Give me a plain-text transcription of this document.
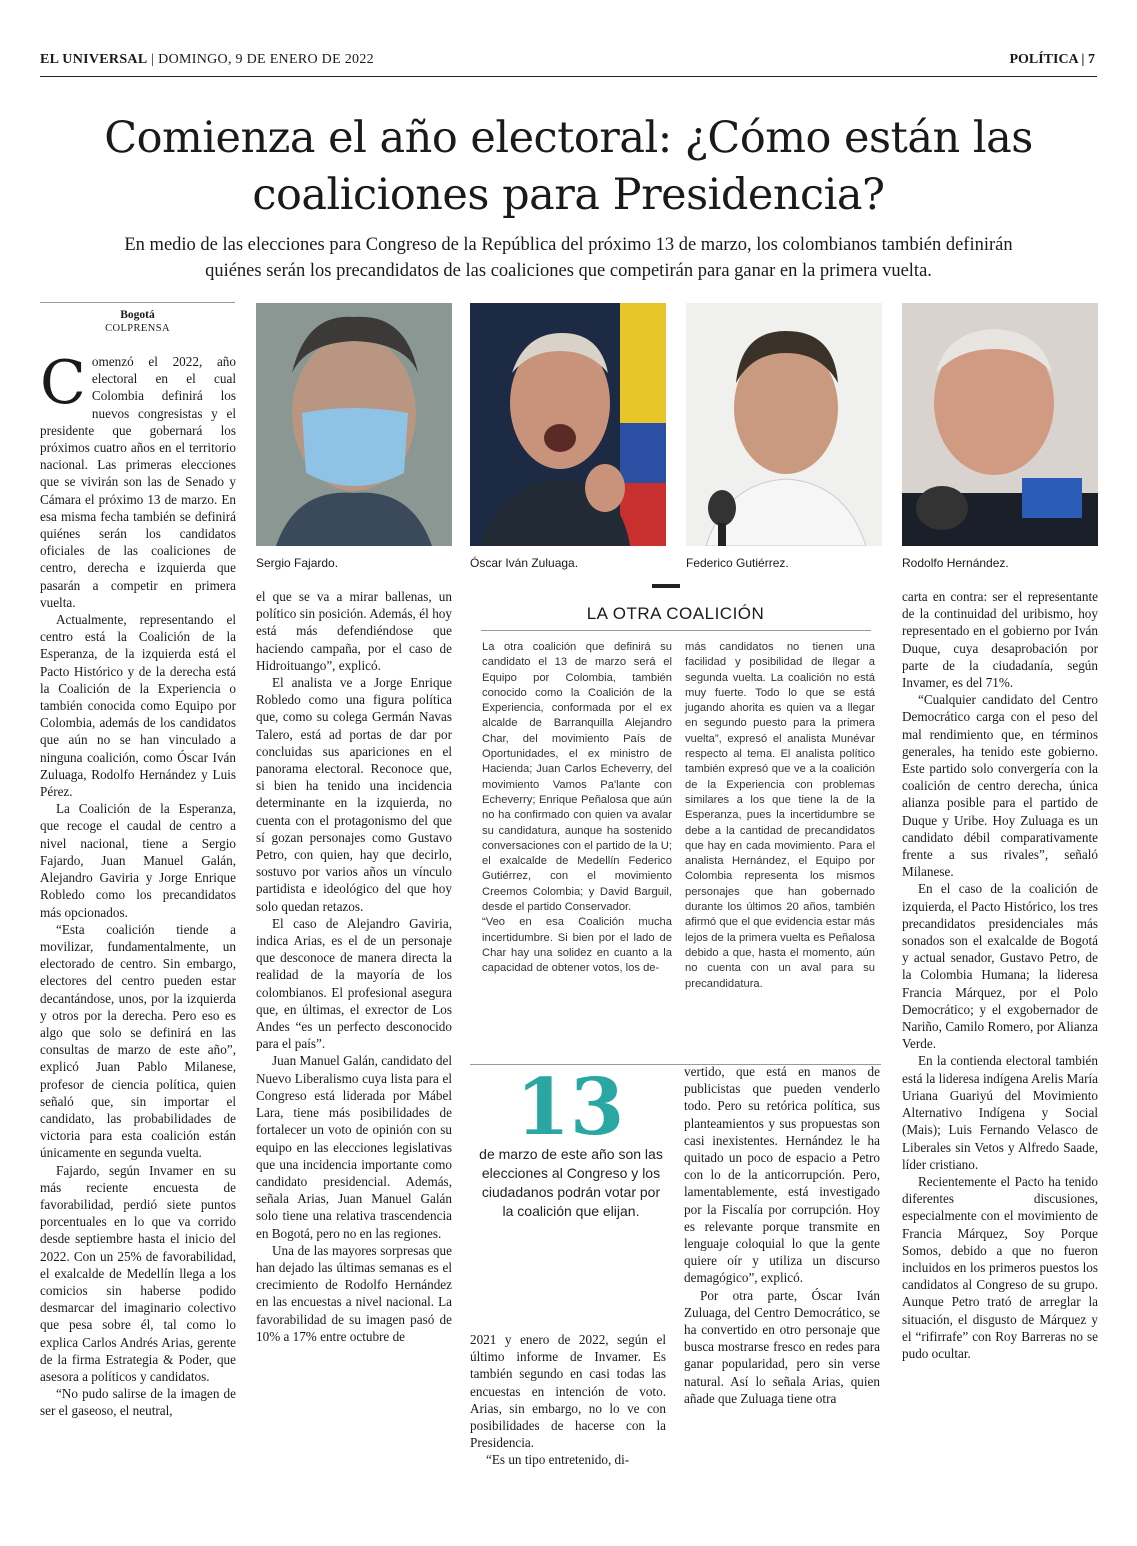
EL UNIVERSAL | DOMINGO, 9 DE ENERO DE 2022	POLÍTICA | 7
Comienza el año electoral: ¿Cómo están las coaliciones para Presidencia?
En medio de las elecciones para Congreso de la República del próximo 13 de marzo, los colombianos también definirán quiénes serán los precandidatos de las coaliciones que competirán para ganar en la primera vuelta.
Bogotá
COLPRENSA
Sergio Fajardo.	Óscar Iván Zuluaga.	Federico Gutiérrez.	Rodolfo Hernández.

Comenzó el 2022, año electoral en el cual Colombia definirá los nuevos congresistas y el presidente que gobernará los próximos cuatro años en el territorio nacional. Las primeras elecciones que se vivirán son las de Senado y Cámara el próximo 13 de marzo. En esa misma fecha también se definirá quiénes serán los candidatos oficiales de las coaliciones de centro, derecha e izquierda que pasarán a competir en primera vuelta.

Actualmente, representando el centro está la Coalición de la Esperanza, de la izquierda está el Pacto Histórico y de la derecha está la Coalición de la Experiencia o también conocida como Equipo por Colombia, además de los candidatos que aún no se han vinculado a ninguna coalición, como Óscar Iván Zuluaga, Rodolfo Hernández y Luis Pérez.

La Coalición de la Esperanza, que recoge el caudal de centro a nivel nacional, tiene a Sergio Fajardo, Juan Manuel Galán, Alejandro Gaviria y Jorge Enrique Robledo como los precandidatos más opcionados.

“Esta coalición tiende a movilizar, fundamentalmente, un electorado de centro. Sin embargo, electores del centro pueden estar decantándose, unos, por la izquierda y otros por la derecha. Pero eso es algo que solo se definirá en las consultas de marzo de este año”, explicó Juan Pablo Milanese, profesor de ciencia política, quien señaló que, sin importar el candidato, las probabilidades de victoria para esta coalición están únicamente en segunda vuelta.

Fajardo, según Invamer en su más reciente encuesta de favorabilidad, perdió siete puntos porcentuales en lo que va corrido desde septiembre hasta el inicio del 2022. Con un 25% de favorabilidad, el exalcalde de Medellín llega a los comicios sin haberse podido desmarcar del imaginario colectivo que pesa sobre él, tal como lo explica Carlos Andrés Arias, gerente de la firma Estrategia & Poder, que asesora a políticos y candidatos.

“No pudo salirse de la imagen de ser el gaseoso, el neutral,

el que se va a mirar ballenas, un político sin posición. Además, él hoy está más defendiéndose que haciendo campaña, por el caso de Hidroituango”, explicó.

El analista ve a Jorge Enrique Robledo como una figura política que, como su colega Germán Navas Talero, está ad portas de dar por concluidas sus apariciones en el panorama electoral. Reconoce que, si bien ha tenido una incidencia determinante en la izquierda, no cuenta con el protagonismo del que sí gozan personajes como Gustavo Petro, con quien, hay que decirlo, sostuvo por varios años un vínculo partidista e ideológico del que hoy solo quedan retazos.

El caso de Alejandro Gaviria, indica Arias, es el de un personaje que desconoce de manera directa la realidad de la mayoría de los colombianos. El profesional asegura que, en últimas, el exrector de Los Andes “es un perfecto desconocido para el país”.

Juan Manuel Galán, candidato del Nuevo Liberalismo cuya lista para el Congreso está liderada por Mábel Lara, tiene más posibilidades de fortalecer un voto de opinión con su equipo en las elecciones legislativas que una incidencia importante como candidato presidencial. Además, señala Arias, Juan Manuel Galán solo tiene una relativa trascendencia en Bogotá, pero no en las regiones.

Una de las mayores sorpresas que han dejado las últimas semanas es el crecimiento de Rodolfo Hernández en las encuestas a nivel nacional. La favorabilidad de su imagen pasó de 10% a 17% entre octubre de

LA OTRA COALICIÓN

La otra coalición que definirá su candidato el 13 de marzo será el Equipo por Colombia, también conocido como la Coalición de la Experiencia, conformada por el ex alcalde de Barranquilla Alejandro Char, del movimiento País de Oportunidades, el ex ministro de Hacienda; Juan Carlos Echeverry, del movimiento Vamos Pa'lante con Echeverry; Enrique Peñalosa que aún no ha confirmado con quien va avalar su candidatura, aunque ha sostenido conversaciones con el partido de la U; el exalcalde de Medellín Federico Gutiérrez, con el movimiento Creemos Colombia; y David Barguil, desde el partido Conservador.

“Veo en esa Coalición mucha incertidumbre. Si bien por el lado de Char hay una solidez en cuanto a la capacidad de obtener votos, los de-

más candidatos no tienen una facilidad y posibilidad de llegar a segunda vuelta. La coalición no está muy fuerte. Todo lo que se está jugando ahorita es quien va a llegar en segundo puesto para la primera vuelta”, expresó el analista Munévar respecto al tema. El analista político también expresó que ve a la coalición de la Experiencia con problemas similares a los que tiene la de la Esperanza, pues la incertidumbre se debe a la cantidad de precandidatos que hay en cada movimiento. Para el analista Hernández, el Equipo por Colombia representa los mismos personajes que han gobernado durante los últimos 20 años, también afirmó que el que evidencia estar más lejos de la primera vuelta es Peñalosa debido a que, hasta el momento, aún no cuenta con un aval para su precandidatura.

13
de marzo de este año son las elecciones al Congreso y los ciudadanos podrán votar por la coalición que elijan.

2021 y enero de 2022, según el último informe de Invamer. Es también segundo en casi todas las encuestas en intención de voto. Arias, sin embargo, no lo ve con posibilidades de hacerse con la Presidencia.

“Es un tipo entretenido, di-

vertido, que está en manos de publicistas que pueden venderlo todo. Pero su retórica política, sus planteamientos y sus propuestas son casi inexistentes. Hernández le ha quitado un poco de espacio a Petro con lo de la anticorrupción. Pero, lamentablemente, está investigado por la Fiscalía por corrupción. Hoy es relevante porque transmite en lenguaje coloquial lo que la gente quiere oír y utiliza un discurso demagógico”, explicó.

Por otra parte, Óscar Iván Zuluaga, del Centro Democrático, se ha convertido en otro personaje que busca mostrarse fresco en redes para ganar popularidad, pero sin verse natural. Así lo señala Arias, quien añade que Zuluaga tiene otra

carta en contra: ser el representante de la continuidad del uribismo, hoy representado en el gobierno por Iván Duque, cuya desaprobación por parte de la ciudadanía, según Invamer, es del 71%.

“Cualquier candidato del Centro Democrático carga con el peso del mal rendimiento que, en términos generales, ha tenido este gobierno. Este partido solo convergería con la coalición de centro derecha, única alianza posible para el partido de Duque y Uribe. Hoy Zuluaga es un candidato débil comparativamente frente a sus rivales”, señaló Milanese.

En el caso de la coalición de izquierda, el Pacto Histórico, los tres precandidatos presidenciales más sonados son el exalcalde de Bogotá y actual senador, Gustavo Petro, de la Colombia Humana; la lideresa Francia Márquez, por el Polo Democrático; y el exgobernador de Nariño, Camilo Romero, por Alianza Verde.

En la contienda electoral también está la lideresa indígena Arelis María Uriana Guariyú del Movimiento Alternativo Indígena y Social (Mais); Luis Fernando Velasco de Liberales sin Vetos y Alfredo Saade, líder cristiano.

Recientemente el Pacto ha tenido diferentes discusiones, especialmente con el movimiento de Francia Márquez, Soy Porque Somos, debido a que no fueron incluidos en los primeros puestos los candidatos al Congreso de su grupo. Aunque Petro trató de arreglar la situación, el disgusto de Márquez y el “rifirrafe” con Roy Barreras no se pudo ocultar.
